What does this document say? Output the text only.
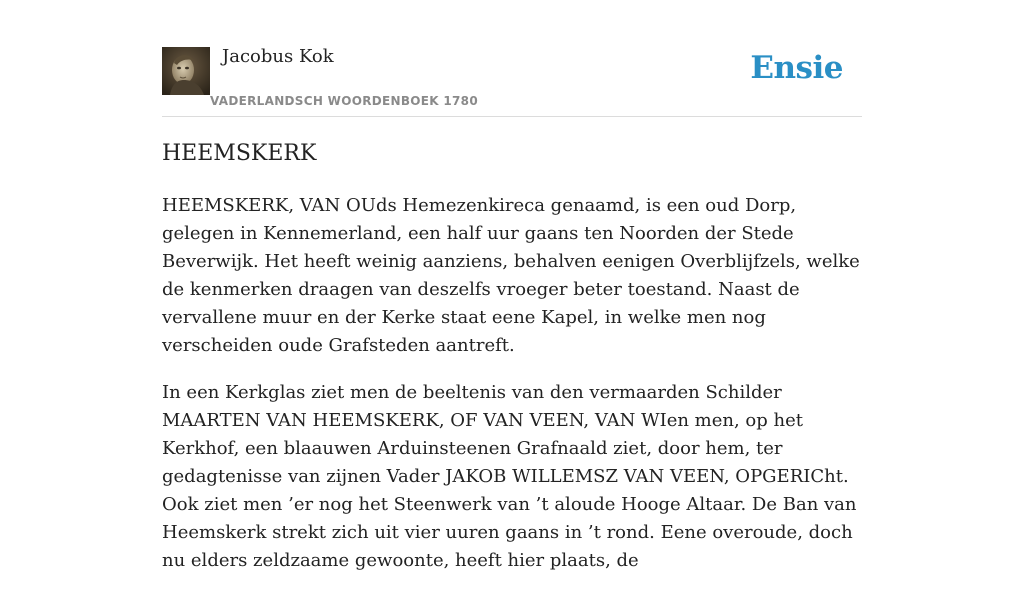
Jacobus Kok
VADERLANDSCH WOORDENBOEK 1780
Ensie
HEEMSKERK

HEEMSKERK, VAN OUds Hemezenkireca genaamd, is een oud Dorp, gelegen in Kennemerland, een half uur gaans ten Noorden der Stede Beverwijk. Het heeft weinig aanziens, behalven eenigen Overblijfzels, welke de kenmerken draagen van deszelfs vroeger beter toestand. Naast de vervallene muur en der Kerke staat eene Kapel, in welke men nog verscheiden oude Grafsteden aantreft.

In een Kerkglas ziet men de beeltenis van den vermaarden Schilder MAARTEN VAN HEEMSKERK, OF VAN VEEN, VAN WIen men, op het Kerkhof, een blaauwen Arduinsteenen Grafnaald ziet, door hem, ter gedagtenisse van zijnen Vader JAKOB WILLEMSZ VAN VEEN, OPGERICht. Ook ziet men ’er nog het Steenwerk van ’t aloude Hooge Altaar. De Ban van Heemskerk strekt zich uit vier uuren gaans in ’t rond. Eene overoude, doch nu elders zeldzaame gewoonte, heeft hier plaats, de
